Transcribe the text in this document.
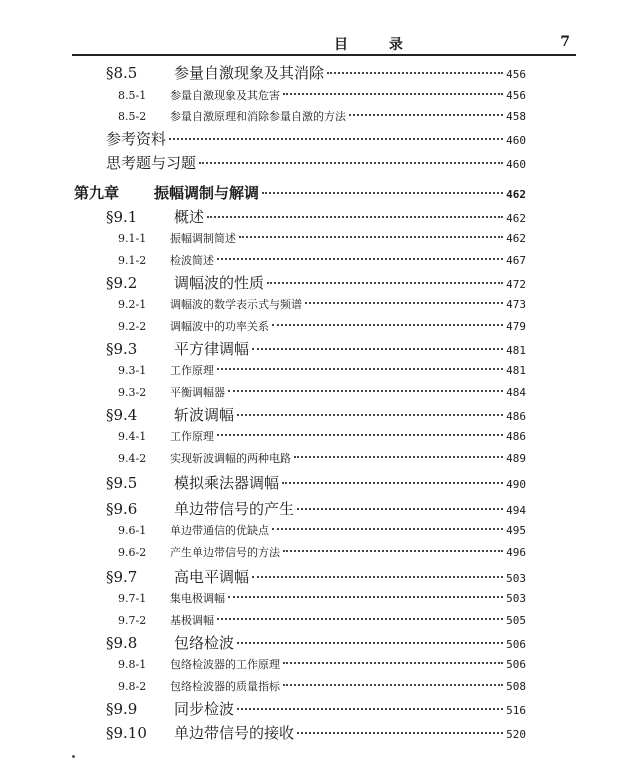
目 录	7
§8.5	参量自激现象及其消除	456
8.5-1	参量自激现象及其危害	456
8.5-2	参量自激原理和消除参量自激的方法	458
参考资料	460
思考题与习题	460
第九章	振幅调制与解调	462
§9.1	概述	462
9.1-1	振幅调制简述	462
9.1-2	检波简述	467
§9.2	调幅波的性质	472
9.2-1	调幅波的数学表示式与频谱	473
9.2-2	调幅波中的功率关系	479
§9.3	平方律调幅	481
9.3-1	工作原理	481
9.3-2	平衡调幅器	484
§9.4	斩波调幅	486
9.4-1	工作原理	486
9.4-2	实现斩波调幅的两种电路	489
§9.5	模拟乘法器调幅	490
§9.6	单边带信号的产生	494
9.6-1	单边带通信的优缺点	495
9.6-2	产生单边带信号的方法	496
§9.7	高电平调幅	503
9.7-1	集电极调幅	503
9.7-2	基极调幅	505
§9.8	包络检波	506
9.8-1	包络检波器的工作原理	506
9.8-2	包络检波器的质量指标	508
§9.9	同步检波	516
§9.10	单边带信号的接收	520
